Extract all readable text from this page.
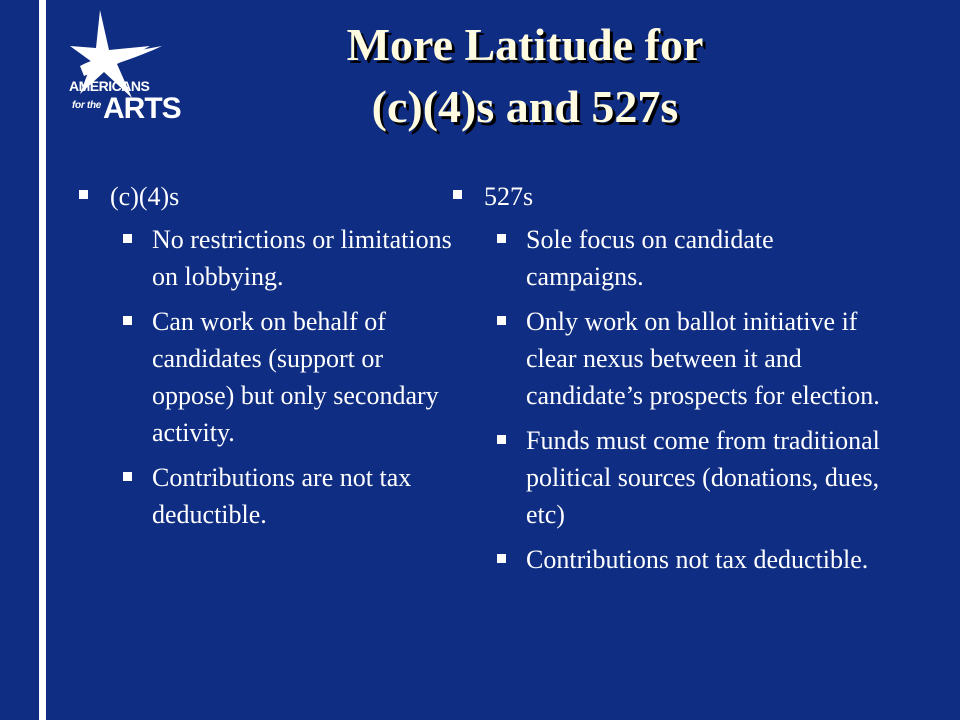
AMERICANS
$^{for the}$ARTS
More Latitude for
(c)(4)s and 527s
(c)(4)s
No restrictions or limitations on lobbying.
Can work on behalf of candidates (support or oppose) but only secondary activity.
Contributions are not tax deductible.
527s
Sole focus on candidate campaigns.
Only work on ballot initiative if clear nexus between it and candidate’s prospects for election.
Funds must come from traditional political sources (donations, dues, etc)
Contributions not tax deductible.
